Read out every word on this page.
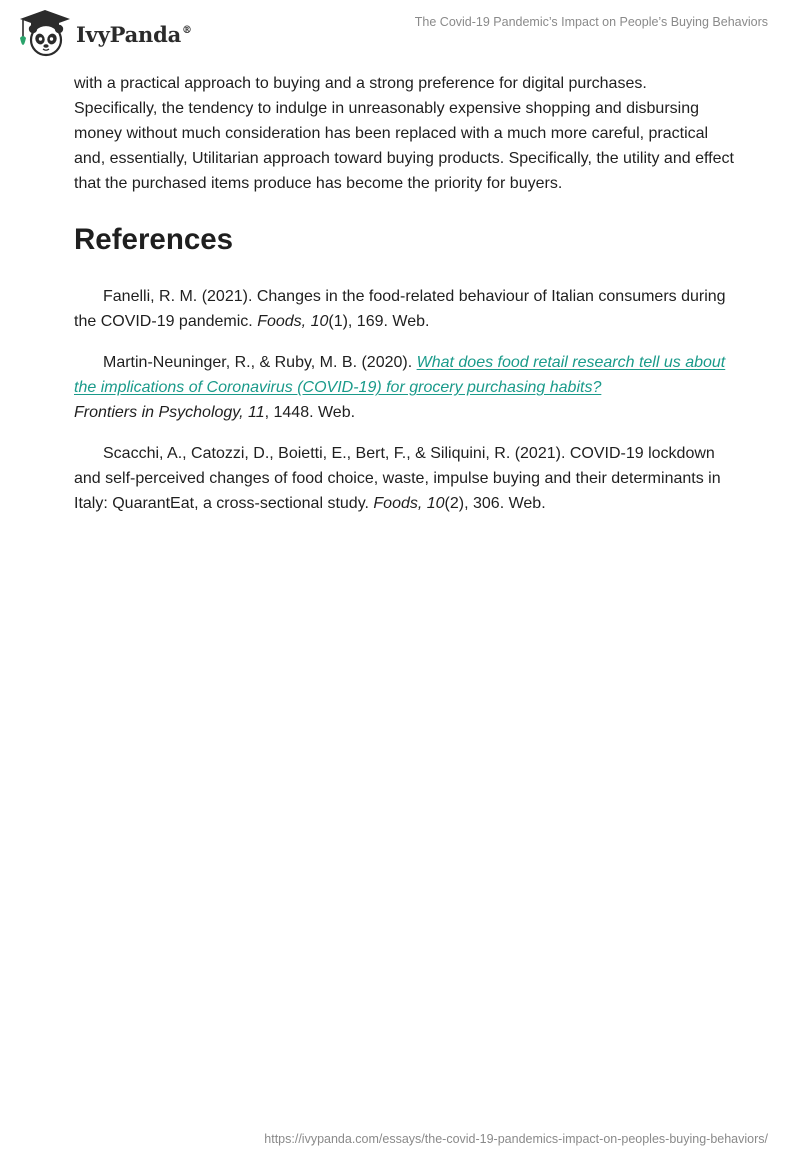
IvyPanda®
The Covid-19 Pandemic’s Impact on People’s Buying Behaviors

with a practical approach to buying and a strong preference for digital purchases. Specifically, the tendency to indulge in unreasonably expensive shopping and disbursing money without much consideration has been replaced with a much more careful, practical and, essentially, Utilitarian approach toward buying products. Specifically, the utility and effect that the purchased items produce has become the priority for buyers.

References

Fanelli, R. M. (2021). Changes in the food-related behaviour of Italian consumers during the COVID-19 pandemic. Foods, 10(1), 169. Web.

Martin-Neuninger, R., & Ruby, M. B. (2020). What does food retail research tell us about the implications of Coronavirus (COVID-19) for grocery purchasing habits?
Frontiers in Psychology, 11, 1448. Web.

Scacchi, A., Catozzi, D., Boietti, E., Bert, F., & Siliquini, R. (2021). COVID-19 lockdown and self-perceived changes of food choice, waste, impulse buying and their determinants in Italy: QuarantEat, a cross-sectional study. Foods, 10(2), 306. Web.

https://ivypanda.com/essays/the-covid-19-pandemics-impact-on-peoples-buying-behaviors/
